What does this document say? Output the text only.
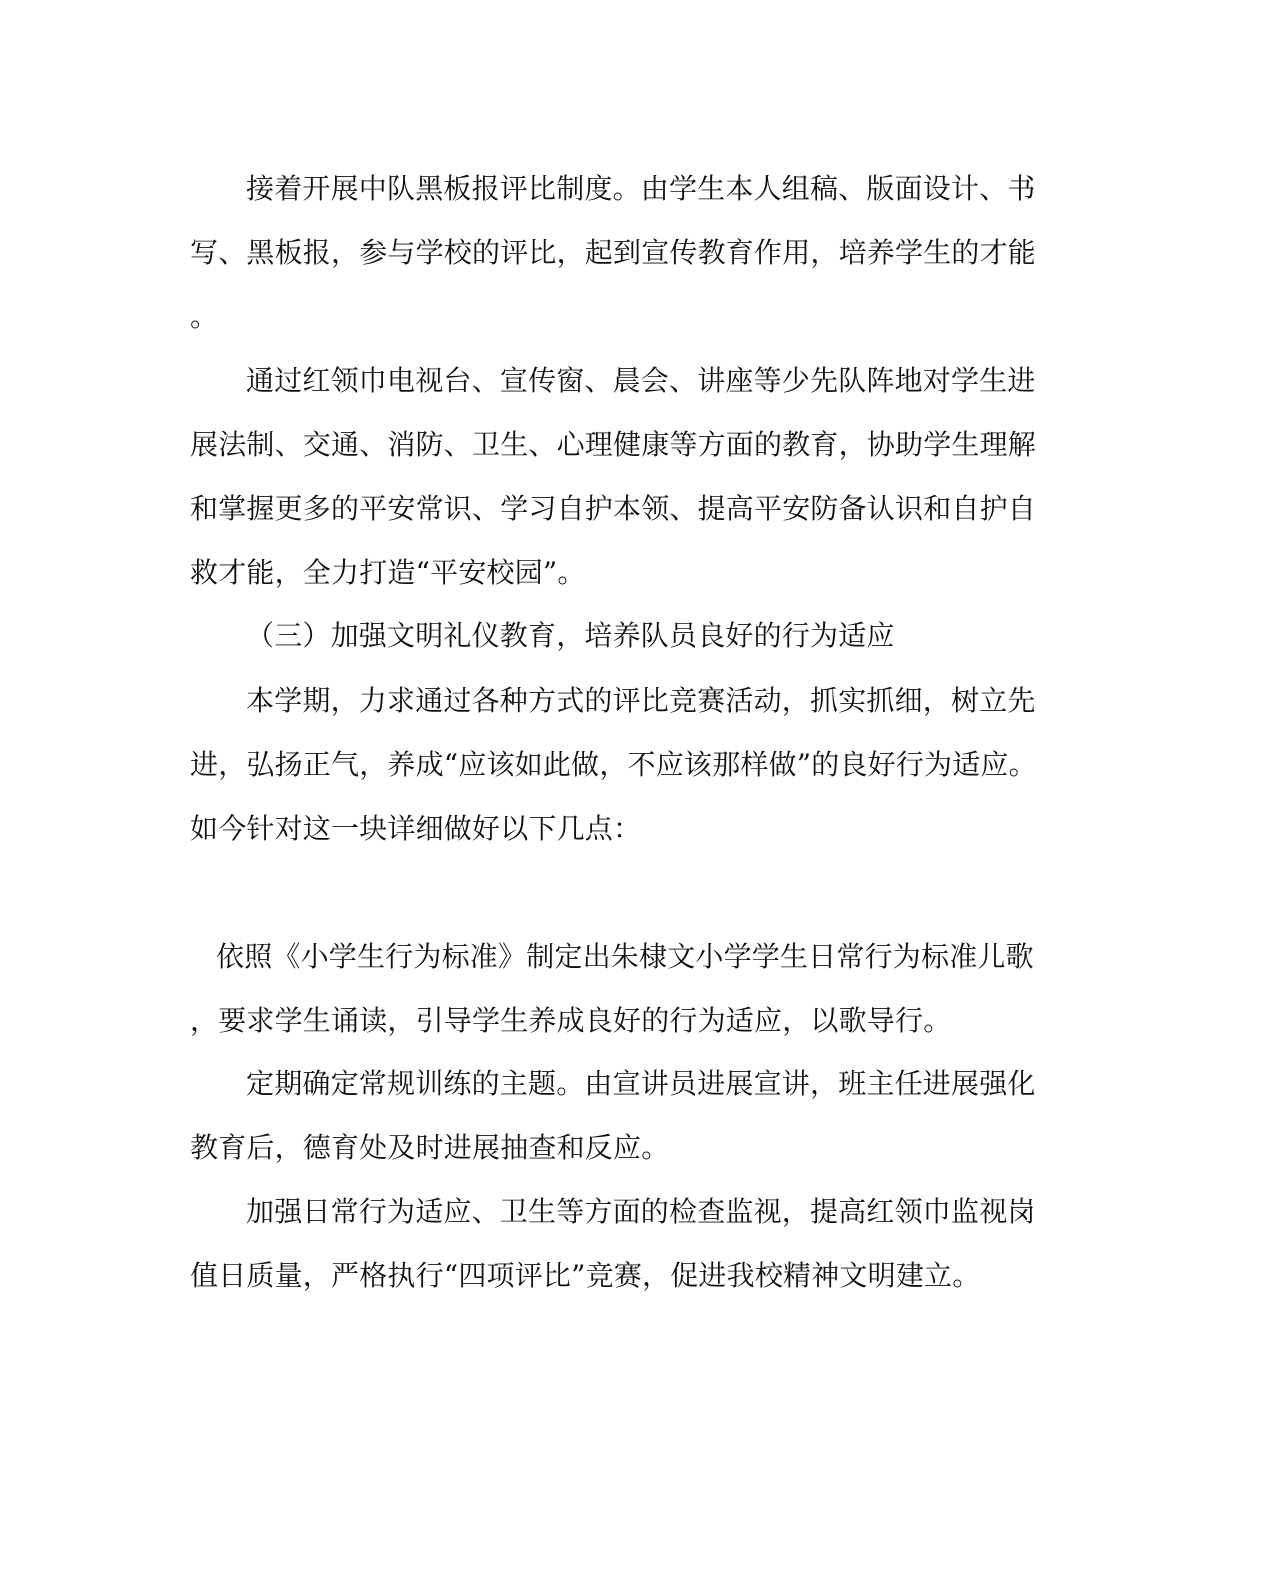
接着开展中队黑板报评比制度。由学生本人组稿、版面设计、书

写、黑板报，参与学校的评比，起到宣传教育作用，培养学生的才能

。

通过红领巾电视台、宣传窗、晨会、讲座等少先队阵地对学生进

展法制、交通、消防、卫生、心理健康等方面的教育，协助学生理解

和掌握更多的平安常识、学习自护本领、提高平安防备认识和自护自

救才能，全力打造“平安校园”。

（三）加强文明礼仪教育，培养队员良好的行为适应

本学期，力求通过各种方式的评比竞赛活动，抓实抓细，树立先

进，弘扬正气，养成“应该如此做，不应该那样做”的良好行为适应。

如今针对这一块详细做好以下几点：

依照《小学生行为标准》制定出朱棣文小学学生日常行为标准儿歌

，要求学生诵读，引导学生养成良好的行为适应，以歌导行。

定期确定常规训练的主题。由宣讲员进展宣讲，班主任进展强化

教育后，德育处及时进展抽查和反应。

加强日常行为适应、卫生等方面的检查监视，提高红领巾监视岗

值日质量，严格执行“四项评比”竞赛，促进我校精神文明建立。
